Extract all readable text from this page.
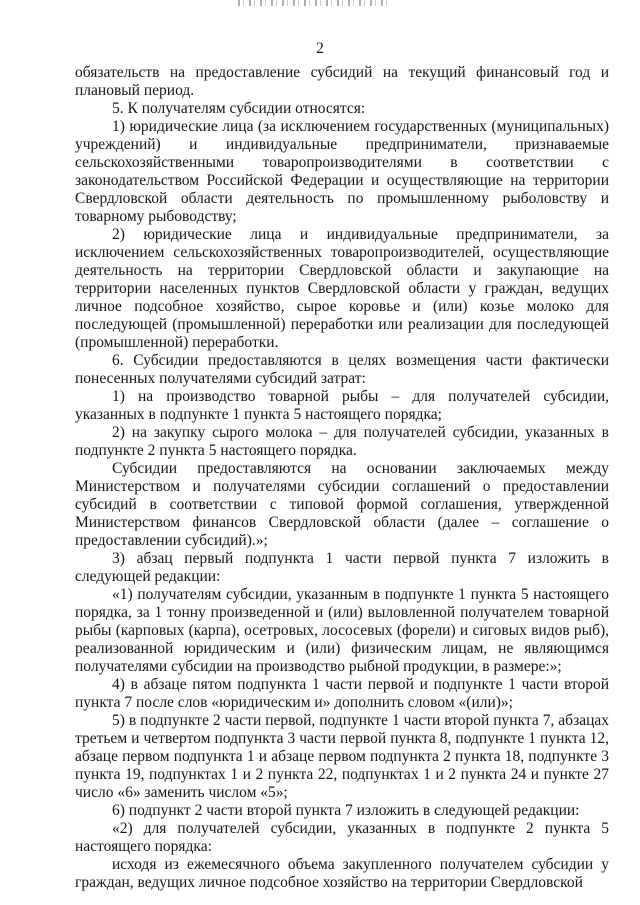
2

обязательств на предоставление субсидий на текущий финансовый год и плановый период.

5. К получателям субсидии относятся:

1) юридические лица (за исключением государственных (муниципальных) учреждений) и индивидуальные предприниматели, признаваемые сельскохозяйственными товаропроизводителями в соответствии с законодательством Российской Федерации и осуществляющие на территории Свердловской области деятельность по промышленному рыболовству и товарному рыбоводству;

2) юридические лица и индивидуальные предприниматели, за исключением сельскохозяйственных товаропроизводителей, осуществляющие деятельность на территории Свердловской области и закупающие на территории населенных пунктов Свердловской области у граждан, ведущих личное подсобное хозяйство, сырое коровье и (или) козье молоко для последующей (промышленной) переработки или реализации для последующей (промышленной) переработки.

6. Субсидии предоставляются в целях возмещения части фактически понесенных получателями субсидий затрат:

1) на производство товарной рыбы – для получателей субсидии, указанных в подпункте 1 пункта 5 настоящего порядка;

2) на закупку сырого молока – для получателей субсидии, указанных в подпункте 2 пункта 5 настоящего порядка.

Субсидии предоставляются на основании заключаемых между Министерством и получателями субсидии соглашений о предоставлении субсидий в соответствии с типовой формой соглашения, утвержденной Министерством финансов Свердловской области (далее – соглашение о предоставлении субсидий).»;

3) абзац первый подпункта 1 части первой пункта 7 изложить в следующей редакции:

«1) получателям субсидии, указанным в подпункте 1 пункта 5 настоящего порядка, за 1 тонну произведенной и (или) выловленной получателем товарной рыбы (карповых (карпа), осетровых, лососевых (форели) и сиговых видов рыб), реализованной юридическим и (или) физическим лицам, не являющимся получателями субсидии на производство рыбной продукции, в размере:»;

4) в абзаце пятом подпункта 1 части первой и подпункте 1 части второй пункта 7 после слов «юридическим и» дополнить словом «(или)»;

5) в подпункте 2 части первой, подпункте 1 части второй пункта 7, абзацах третьем и четвертом подпункта 3 части первой пункта 8, подпункте 1 пункта 12, абзаце первом подпункта 1 и абзаце первом подпункта 2 пункта 18, подпункте 3 пункта 19, подпунктах 1 и 2 пункта 22, подпунктах 1 и 2 пункта 24 и пункте 27 число «6» заменить числом «5»;

6) подпункт 2 части второй пункта 7 изложить в следующей редакции:

«2) для получателей субсидии, указанных в подпункте 2 пункта 5 настоящего порядка:

исходя из ежемесячного объема закупленного получателем субсидии у граждан, ведущих личное подсобное хозяйство на территории Свердловской
